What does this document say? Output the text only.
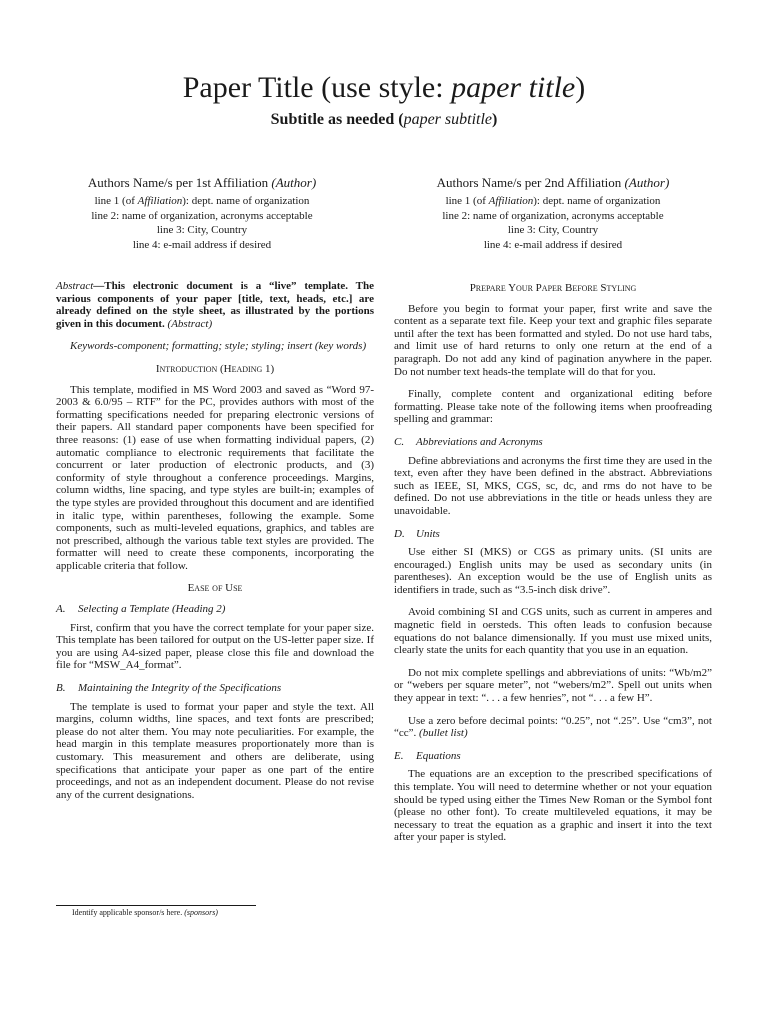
Paper Title (use style: paper title)
Subtitle as needed (paper subtitle)
Authors Name/s per 1st Affiliation (Author)
line 1 (of Affiliation): dept. name of organization
line 2: name of organization, acronyms acceptable
line 3: City, Country
line 4: e-mail address if desired
Authors Name/s per 2nd Affiliation (Author)
line 1 (of Affiliation): dept. name of organization
line 2: name of organization, acronyms acceptable
line 3: City, Country
line 4: e-mail address if desired

Abstract—This electronic document is a “live” template. The various components of your paper [title, text, heads, etc.] are already defined on the style sheet, as illustrated by the portions given in this document. (Abstract)

Keywords-component; formatting; style; styling; insert (key words)

Introduction (Heading 1)

This template, modified in MS Word 2003 and saved as “Word 97-2003 & 6.0/95 – RTF” for the PC, provides authors with most of the formatting specifications needed for preparing electronic versions of their papers. All standard paper components have been specified for three reasons: (1) ease of use when formatting individual papers, (2) automatic compliance to electronic requirements that facilitate the concurrent or later production of electronic products, and (3) conformity of style throughout a conference proceedings. Margins, column widths, line spacing, and type styles are built-in; examples of the type styles are provided throughout this document and are identified in italic type, within parentheses, following the example. Some components, such as multi-leveled equations, graphics, and tables are not prescribed, although the various table text styles are provided. The formatter will need to create these components, incorporating the applicable criteria that follow.

Ease of Use
A. Selecting a Template (Heading 2)

First, confirm that you have the correct template for your paper size. This template has been tailored for output on the US-letter paper size. If you are using A4-sized paper, please close this file and download the file for “MSW_A4_format”.

B. Maintaining the Integrity of the Specifications

The template is used to format your paper and style the text. All margins, column widths, line spaces, and text fonts are prescribed; please do not alter them. You may note peculiarities. For example, the head margin in this template measures proportionately more than is customary. This measurement and others are deliberate, using specifications that anticipate your paper as one part of the entire proceedings, and not as an independent document. Please do not revise any of the current designations.

Prepare Your Paper Before Styling

Before you begin to format your paper, first write and save the content as a separate text file. Keep your text and graphic files separate until after the text has been formatted and styled. Do not use hard tabs, and limit use of hard returns to only one return at the end of a paragraph. Do not add any kind of pagination anywhere in the paper. Do not number text heads-the template will do that for you.

Finally, complete content and organizational editing before formatting. Please take note of the following items when proofreading spelling and grammar:

C. Abbreviations and Acronyms

Define abbreviations and acronyms the first time they are used in the text, even after they have been defined in the abstract. Abbreviations such as IEEE, SI, MKS, CGS, sc, dc, and rms do not have to be defined. Do not use abbreviations in the title or heads unless they are unavoidable.

D. Units

Use either SI (MKS) or CGS as primary units. (SI units are encouraged.) English units may be used as secondary units (in parentheses). An exception would be the use of English units as identifiers in trade, such as “3.5-inch disk drive”.

Avoid combining SI and CGS units, such as current in amperes and magnetic field in oersteds. This often leads to confusion because equations do not balance dimensionally. If you must use mixed units, clearly state the units for each quantity that you use in an equation.

Do not mix complete spellings and abbreviations of units: “Wb/m2” or “webers per square meter”, not “webers/m2”. Spell out units when they appear in text: “. . . a few henries”, not “. . . a few H”.

Use a zero before decimal points: “0.25”, not “.25”. Use “cm3”, not “cc”. (bullet list)

E. Equations

The equations are an exception to the prescribed specifications of this template. You will need to determine whether or not your equation should be typed using either the Times New Roman or the Symbol font (please no other font). To create multileveled equations, it may be necessary to treat the equation as a graphic and insert it into the text after your paper is styled.

Identify applicable sponsor/s here. (sponsors)
